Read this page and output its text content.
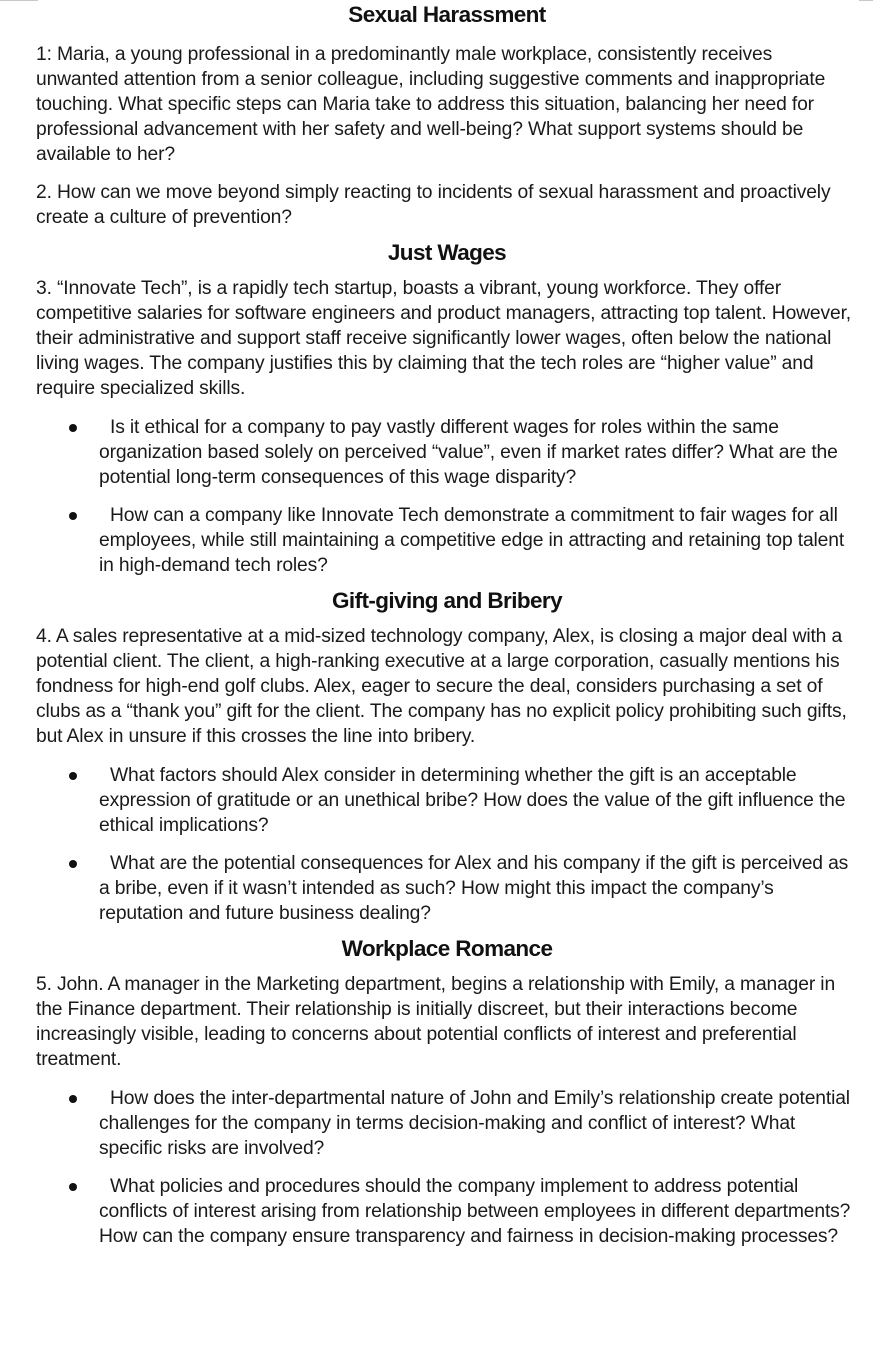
Sexual Harassment

1: Maria, a young professional in a predominantly male workplace, consistently receives unwanted attention from a senior colleague, including suggestive comments and inappropriate touching. What specific steps can Maria take to address this situation, balancing her need for professional advancement with her safety and well-being? What support systems should be available to her?

2. How can we move beyond simply reacting to incidents of sexual harassment and proactively create a culture of prevention?

Just Wages

3. “Innovate Tech”, is a rapidly tech startup, boasts a vibrant, young workforce. They offer competitive salaries for software engineers and product managers, attracting top talent. However, their administrative and support staff receive significantly lower wages, often below the national living wages. The company justifies this by claiming that the tech roles are “higher value” and require specialized skills.

Is it ethical for a company to pay vastly different wages for roles within the same organization based solely on perceived “value”, even if market rates differ? What are the potential long-term consequences of this wage disparity?
How can a company like Innovate Tech demonstrate a commitment to fair wages for all employees, while still maintaining a competitive edge in attracting and retaining top talent in high-demand tech roles?
Gift-giving and Bribery

4. A sales representative at a mid-sized technology company, Alex, is closing a major deal with a potential client. The client, a high-ranking executive at a large corporation, casually mentions his fondness for high-end golf clubs. Alex, eager to secure the deal, considers purchasing a set of clubs as a “thank you” gift for the client. The company has no explicit policy prohibiting such gifts, but Alex in unsure if this crosses the line into bribery.

What factors should Alex consider in determining whether the gift is an acceptable expression of gratitude or an unethical bribe? How does the value of the gift influence the ethical implications?
What are the potential consequences for Alex and his company if the gift is perceived as a bribe, even if it wasn’t intended as such? How might this impact the company’s reputation and future business dealing?
Workplace Romance

5. John. A manager in the Marketing department, begins a relationship with Emily, a manager in the Finance department. Their relationship is initially discreet, but their interactions become increasingly visible, leading to concerns about potential conflicts of interest and preferential treatment.

How does the inter-departmental nature of John and Emily’s relationship create potential challenges for the company in terms decision-making and conflict of interest? What specific risks are involved?
What policies and procedures should the company implement to address potential conflicts of interest arising from relationship between employees in different departments? How can the company ensure transparency and fairness in decision-making processes?
